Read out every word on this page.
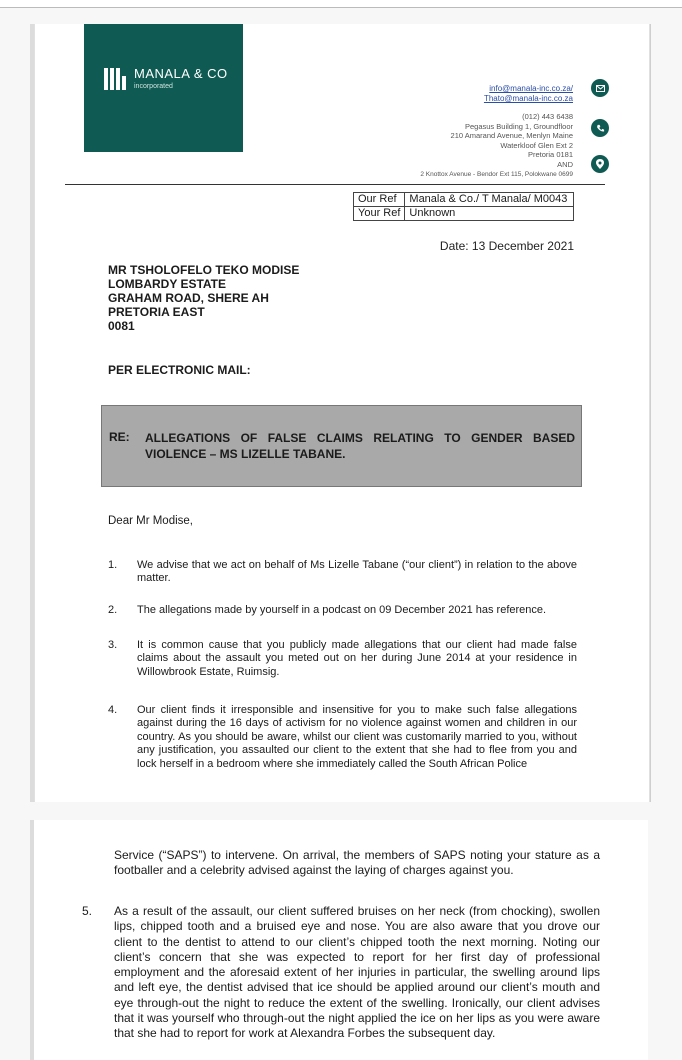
MANALA & CO
incorporated	info@manala-inc.co.za/
Thato@manala-inc.co.za
(012) 443 6438
Pegasus Building 1, Groundfloor
210 Amarand Avenue, Menlyn Maine
Waterkloof Glen Ext 2
Pretoria 0181
AND
2 Knottox Avenue - Bendor Ext 115, Polokwane 0699
Our Ref	Manala & Co./ T Manala/ M0043
Your Ref	Unknown
Date: 13 December 2021
MR TSHOLOFELO TEKO MODISE
LOMBARDY ESTATE
GRAHAM ROAD, SHERE AH
PRETORIA EAST
0081
PER ELECTRONIC MAIL:
RE: ALLEGATIONS OF FALSE CLAIMS RELATING TO GENDER BASED VIOLENCE – MS LIZELLE TABANE.
Dear Mr Modise,
1. We advise that we act on behalf of Ms Lizelle Tabane (“our client”) in relation to the above matter.
2. The allegations made by yourself in a podcast on 09 December 2021 has reference.
3. It is common cause that you publicly made allegations that our client had made false claims about the assault you meted out on her during June 2014 at your residence in Willowbrook Estate, Ruimsig.
4. Our client finds it irresponsible and insensitive for you to make such false allegations against during the 16 days of activism for no violence against women and children in our country. As you should be aware, whilst our client was customarily married to you, without any justification, you assaulted our client to the extent that she had to flee from you and lock herself in a bedroom where she immediately called the South African Police
Service (“SAPS”) to intervene. On arrival, the members of SAPS noting your stature as a footballer and a celebrity advised against the laying of charges against you.
5. As a result of the assault, our client suffered bruises on her neck (from chocking), swollen lips, chipped tooth and a bruised eye and nose. You are also aware that you drove our client to the dentist to attend to our client’s chipped tooth the next morning. Noting our client’s concern that she was expected to report for her first day of professional employment and the aforesaid extent of her injuries in particular, the swelling around lips and left eye, the dentist advised that ice should be applied around our client’s mouth and eye through-out the night to reduce the extent of the swelling. Ironically, our client advises that it was yourself who through-out the night applied the ice on her lips as you were aware that she had to report for work at Alexandra Forbes the subsequent day.
